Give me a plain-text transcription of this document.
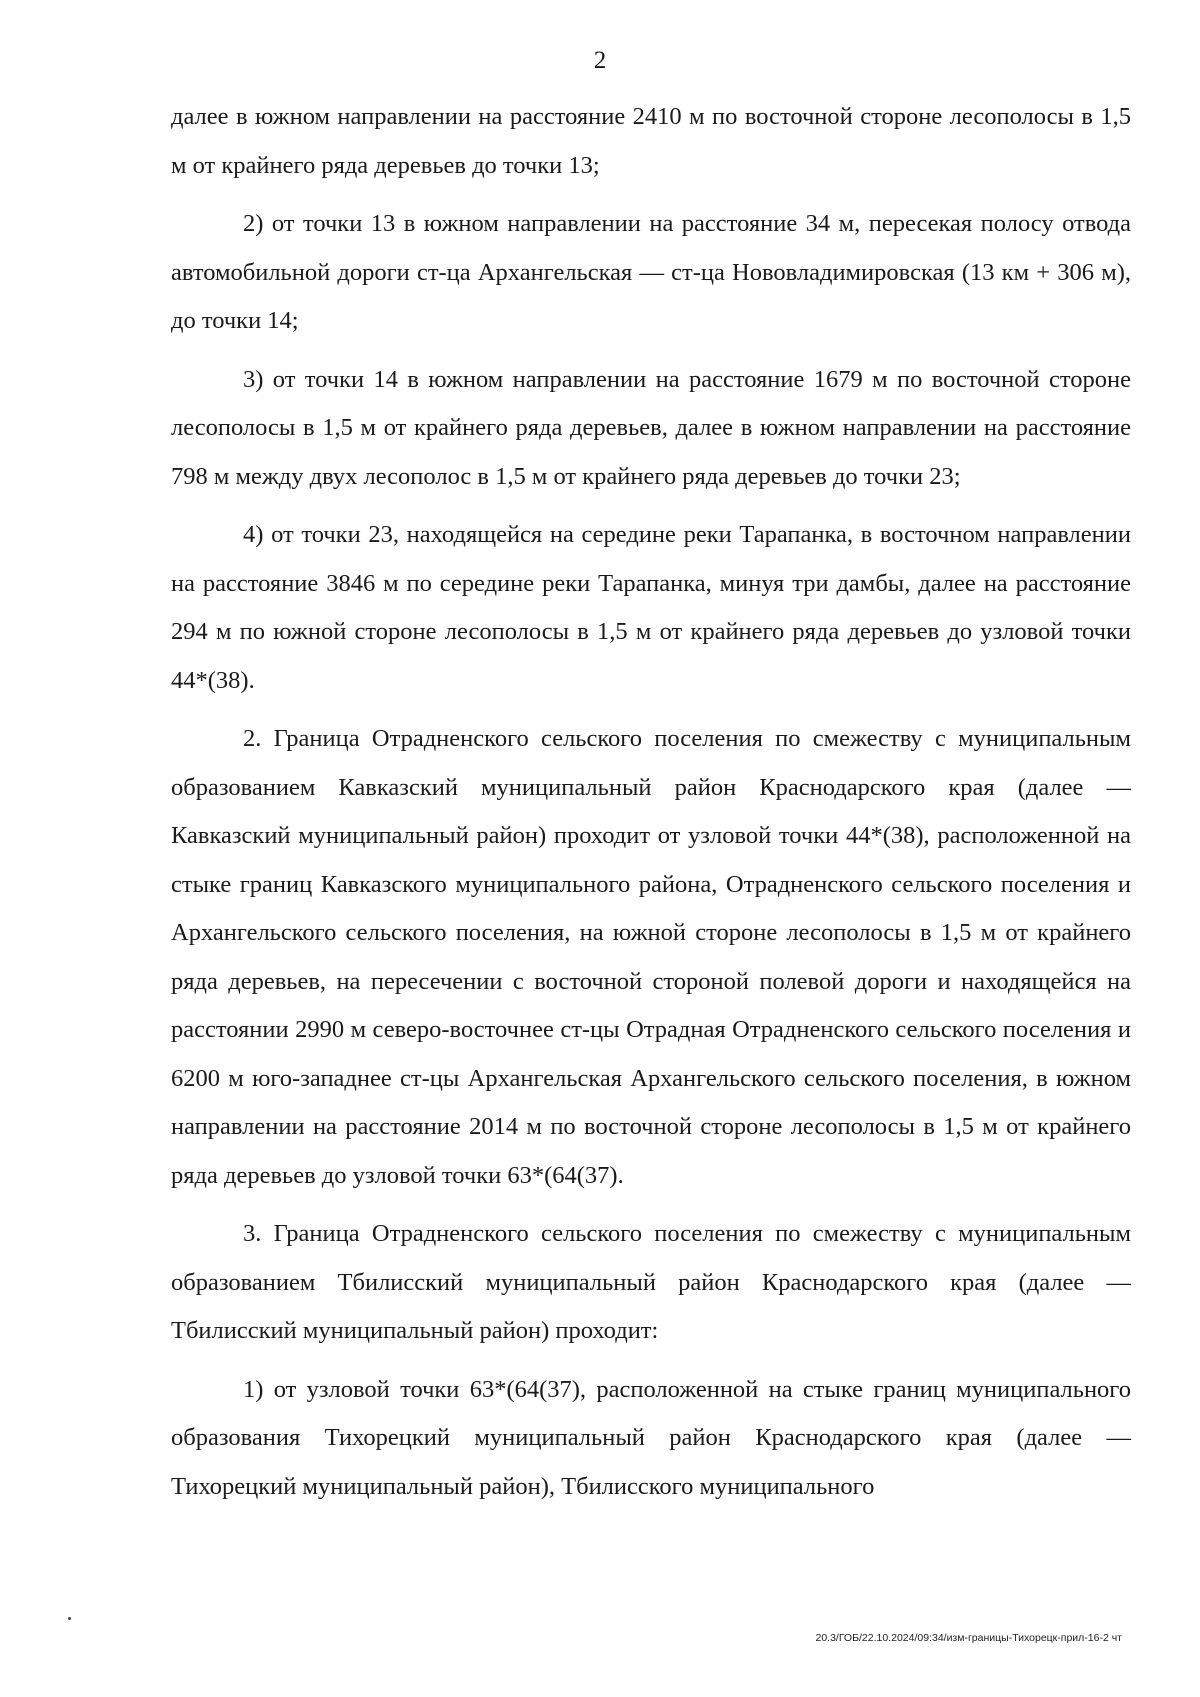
2

далее в южном направлении на расстояние 2410 м по восточной стороне лесополосы в 1,5 м от крайнего ряда деревьев до точки 13;

2) от точки 13 в южном направлении на расстояние 34 м, пересекая полосу отвода автомобильной дороги ст-ца Архангельская — ст-ца Нововладимировская (13 км + 306 м), до точки 14;

3) от точки 14 в южном направлении на расстояние 1679 м по восточной стороне лесополосы в 1,5 м от крайнего ряда деревьев, далее в южном направлении на расстояние 798 м между двух лесополос в 1,5 м от крайнего ряда деревьев до точки 23;

4) от точки 23, находящейся на середине реки Тарапанка, в восточном направлении на расстояние 3846 м по середине реки Тарапанка, минуя три дамбы, далее на расстояние 294 м по южной стороне лесополосы в 1,5 м от крайнего ряда деревьев до узловой точки 44*(38).

2. Граница Отрадненского сельского поселения по смежеству с муниципальным образованием Кавказский муниципальный район Краснодарского края (далее — Кавказский муниципальный район) проходит от узловой точки 44*(38), расположенной на стыке границ Кавказского муниципального района, Отрадненского сельского поселения и Архангельского сельского поселения, на южной стороне лесополосы в 1,5 м от крайнего ряда деревьев, на пересечении с восточной стороной полевой дороги и находящейся на расстоянии 2990 м северо-восточнее ст-цы Отрадная Отрадненского сельского поселения и 6200 м юго-западнее ст-цы Архангельская Архангельского сельского поселения, в южном направлении на расстояние 2014 м по восточной стороне лесополосы в 1,5 м от крайнего ряда деревьев до узловой точки 63*(64(37).

3. Граница Отрадненского сельского поселения по смежеству с муниципальным образованием Тбилисский муниципальный район Краснодарского края (далее — Тбилисский муниципальный район) проходит:

1) от узловой точки 63*(64(37), расположенной на стыке границ муниципального образования Тихорецкий муниципальный район Краснодарского края (далее — Тихорецкий муниципальный район), Тбилисского муниципального

20.3/ГОБ/22.10.2024/09:34/изм-границы-Тихорецк-прил-16-2 чт
